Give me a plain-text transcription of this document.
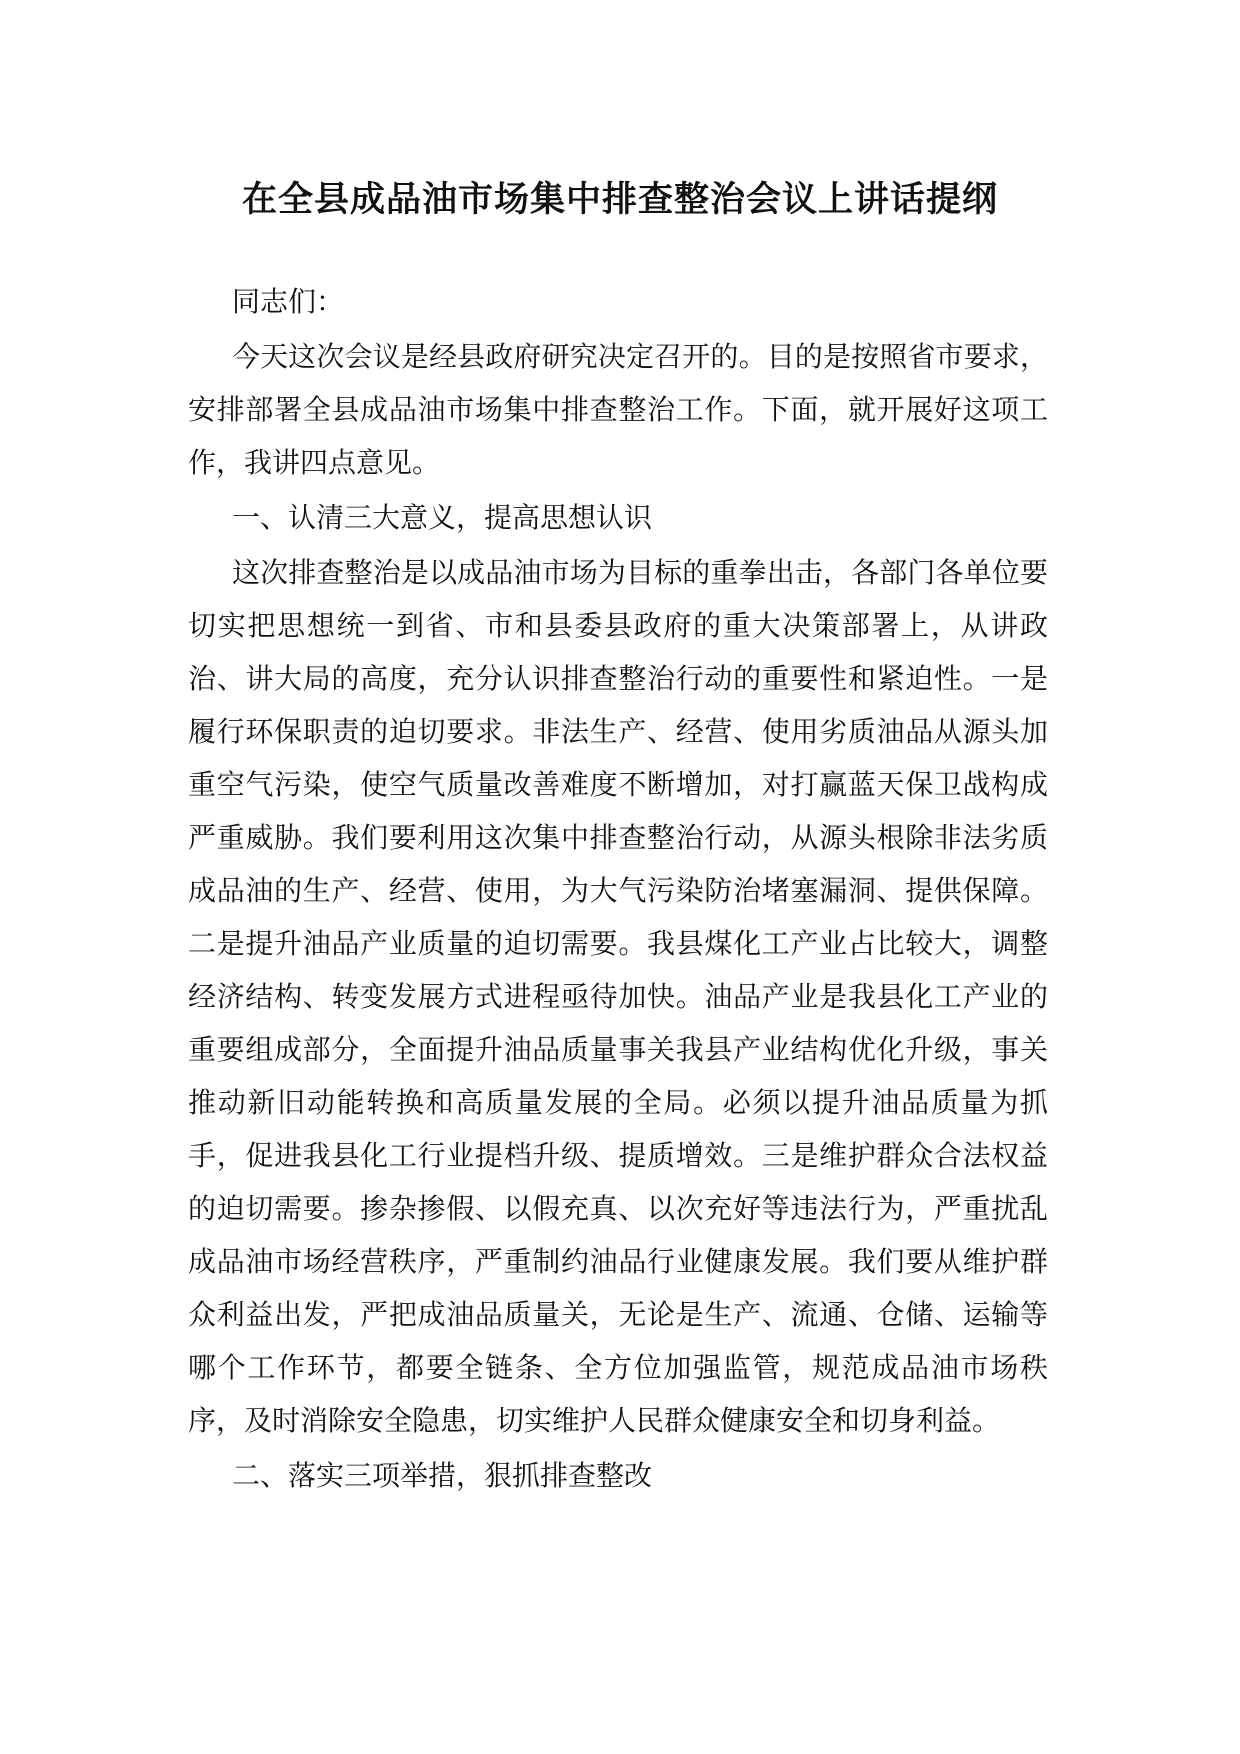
在全县成品油市场集中排查整治会议上讲话提纲

同志们：

今天这次会议是经县政府研究决定召开的。目的是按照省市要求，安排部署全县成品油市场集中排查整治工作。下面，就开展好这项工作，我讲四点意见。

一、认清三大意义，提高思想认识

这次排查整治是以成品油市场为目标的重拳出击，各部门各单位要切实把思想统一到省、市和县委县政府的重大决策部署上，从讲政治、讲大局的高度，充分认识排查整治行动的重要性和紧迫性。一是履行环保职责的迫切要求。非法生产、经营、使用劣质油品从源头加重空气污染，使空气质量改善难度不断增加，对打赢蓝天保卫战构成严重威胁。我们要利用这次集中排查整治行动，从源头根除非法劣质成品油的生产、经营、使用，为大气污染防治堵塞漏洞、提供保障。二是提升油品产业质量的迫切需要。我县煤化工产业占比较大，调整经济结构、转变发展方式进程亟待加快。油品产业是我县化工产业的重要组成部分，全面提升油品质量事关我县产业结构优化升级，事关推动新旧动能转换和高质量发展的全局。必须以提升油品质量为抓手，促进我县化工行业提档升级、提质增效。三是维护群众合法权益的迫切需要。掺杂掺假、以假充真、以次充好等违法行为，严重扰乱成品油市场经营秩序，严重制约油品行业健康发展。我们要从维护群众利益出发，严把成油品质量关，无论是生产、流通、仓储、运输等哪个工作环节，都要全链条、全方位加强监管，规范成品油市场秩序，及时消除安全隐患，切实维护人民群众健康安全和切身利益。

二、落实三项举措，狠抓排查整改
